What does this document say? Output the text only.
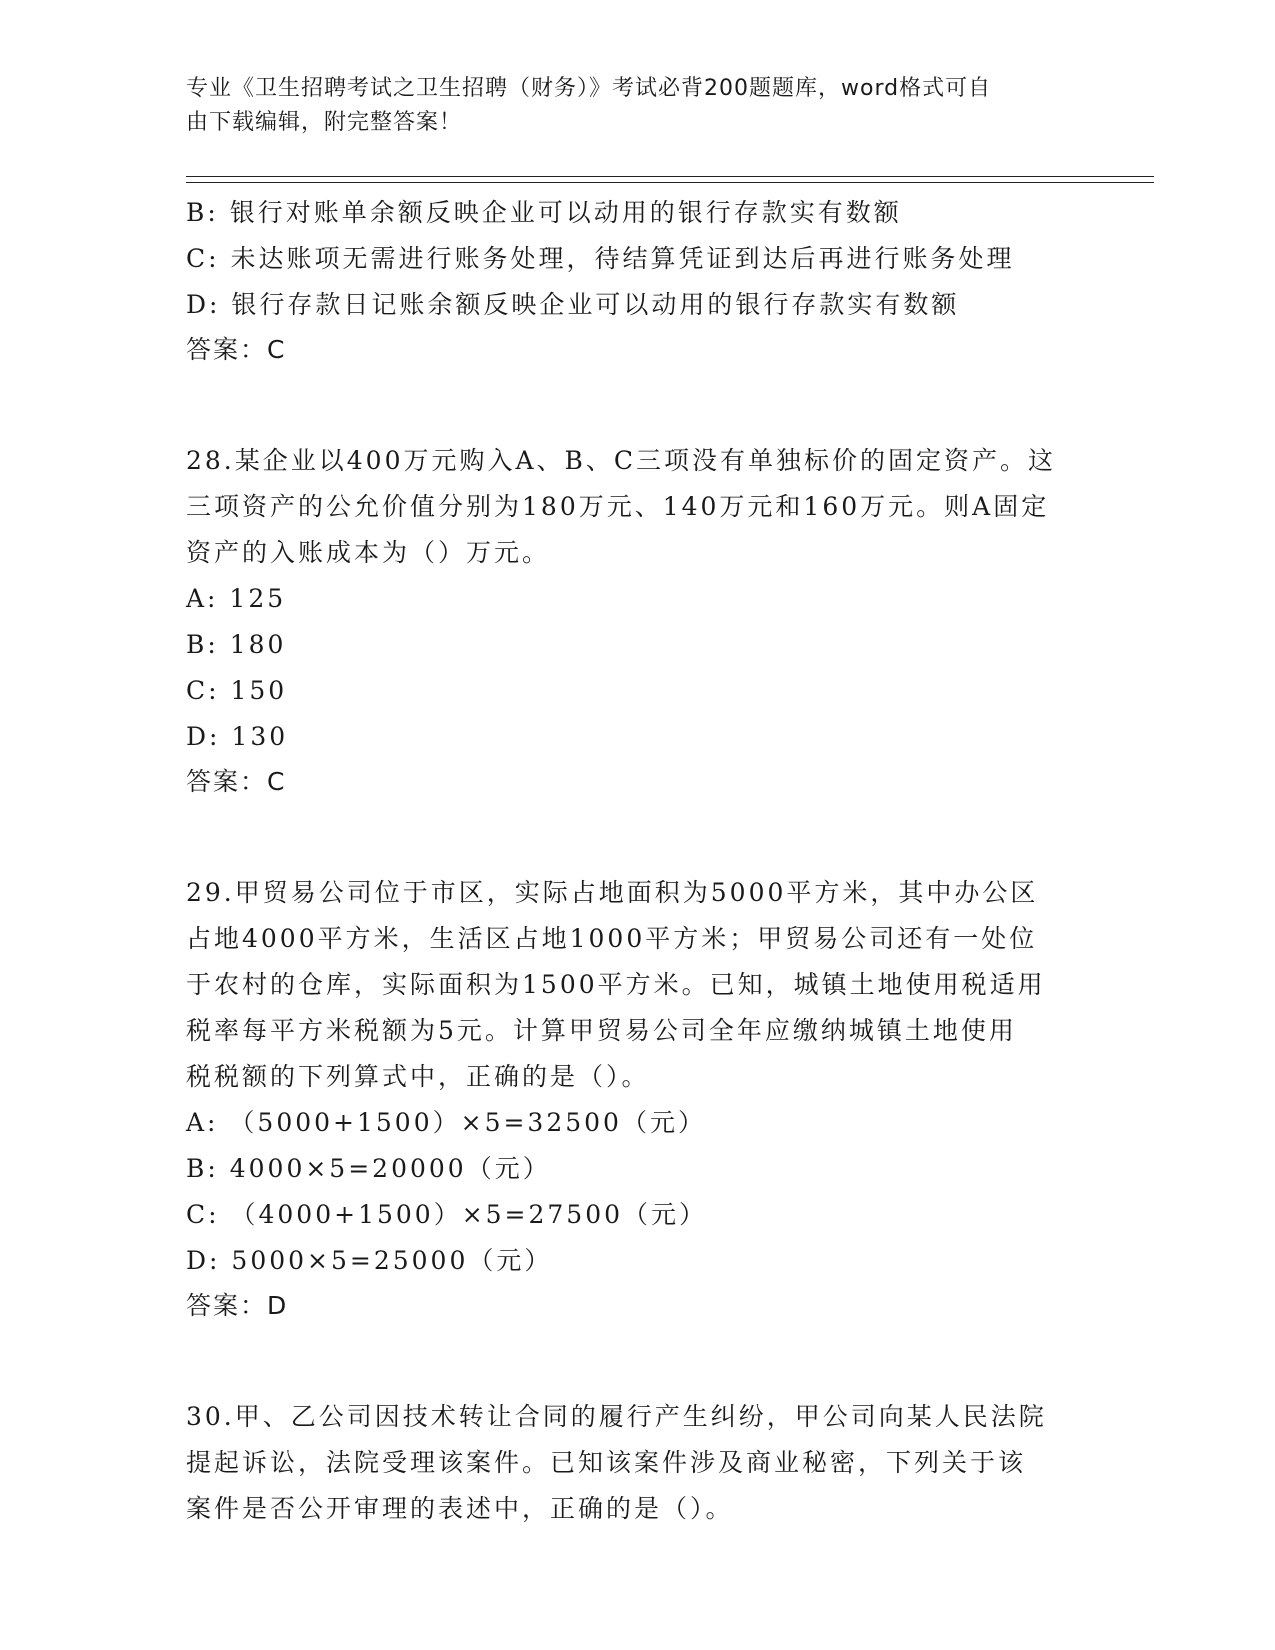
专业《卫生招聘考试之卫生招聘（财务）》考试必背200题题库，word格式可自
由下载编辑，附完整答案！
B: 银行对账单余额反映企业可以动用的银行存款实有数额
C: 未达账项无需进行账务处理，待结算凭证到达后再进行账务处理
D: 银行存款日记账余额反映企业可以动用的银行存款实有数额
答案：C
28.某企业以400万元购入A、B、C三项没有单独标价的固定资产。这
三项资产的公允价值分别为180万元、140万元和160万元。则A固定
资产的入账成本为（）万元。
A: 125
B: 180
C: 150
D: 130
答案：C
29.甲贸易公司位于市区，实际占地面积为5000平方米，其中办公区
占地4000平方米，生活区占地1000平方米；甲贸易公司还有一处位
于农村的仓库，实际面积为1500平方米。已知，城镇土地使用税适用
税率每平方米税额为5元。计算甲贸易公司全年应缴纳城镇土地使用
税税额的下列算式中，正确的是（）。
A: （5000+1500）×5=32500（元）
B: 4000×5=20000（元）
C: （4000+1500）×5=27500（元）
D: 5000×5=25000（元）
答案：D
30.甲、乙公司因技术转让合同的履行产生纠纷，甲公司向某人民法院
提起诉讼，法院受理该案件。已知该案件涉及商业秘密，下列关于该
案件是否公开审理的表述中，正确的是（）。
